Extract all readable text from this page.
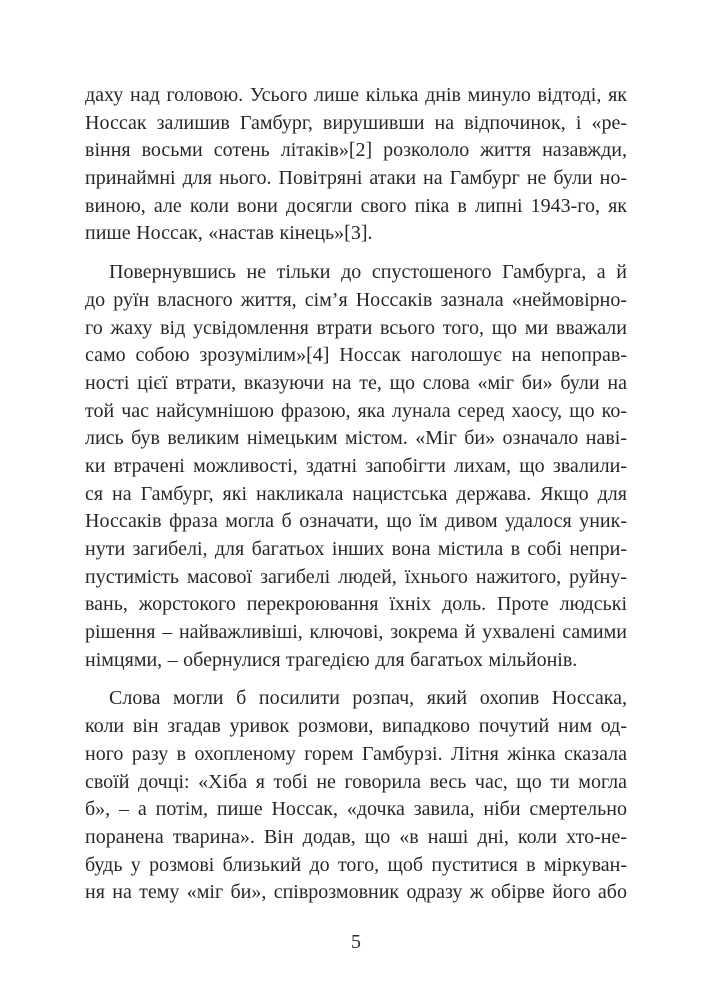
даху над головою. Усього лише кілька днів минуло відтоді, як
Носсак залишив Гамбург, вирушивши на відпочинок, і «ре-
віння восьми сотень літаків»[2] розкололо життя назавжди,
принаймні для нього. Повітряні атаки на Гамбург не були но-
виною, але коли вони досягли свого піка в липні 1943-го, як
пише Носсак, «настав кінець»[3].
Повернувшись не тільки до спустошеного Гамбурга, а й
до руїн власного життя, сім’я Носсаків зазнала «неймовірно-
го жаху від усвідомлення втрати всього того, що ми вважали
само собою зрозумілим»[4] Носсак наголошує на непоправ-
ності цієї втрати, вказуючи на те, що слова «міг би» були на
той час найсумнішою фразою, яка лунала серед хаосу, що ко-
лись був великим німецьким містом. «Міг би» означало наві-
ки втрачені можливості, здатні запобігти лихам, що звалили-
ся на Гамбург, які накликала нацистська держава. Якщо для
Носсаків фраза могла б означати, що їм дивом удалося уник-
нути загибелі, для багатьох інших вона містила в собі непри-
пустимість масової загибелі людей, їхнього нажитого, руйну-
вань, жорстокого перекроювання їхніх доль. Проте людські
рішення – найважливіші, ключові, зокрема й ухвалені самими
німцями, – обернулися трагедією для багатьох мільйонів.
Слова могли б посилити розпач, який охопив Носсака,
коли він згадав уривок розмови, випадково почутий ним од-
ного разу в охопленому горем Гамбурзі. Літня жінка сказала
своїй дочці: «Хіба я тобі не говорила весь час, що ти могла
б», – а потім, пише Носсак, «дочка завила, ніби смертельно
поранена тварина». Він додав, що «в наші дні, коли хто-не-
будь у розмові близький до того, щоб пуститися в міркуван-
ня на тему «міг би», співрозмовник одразу ж обірве його або
5
